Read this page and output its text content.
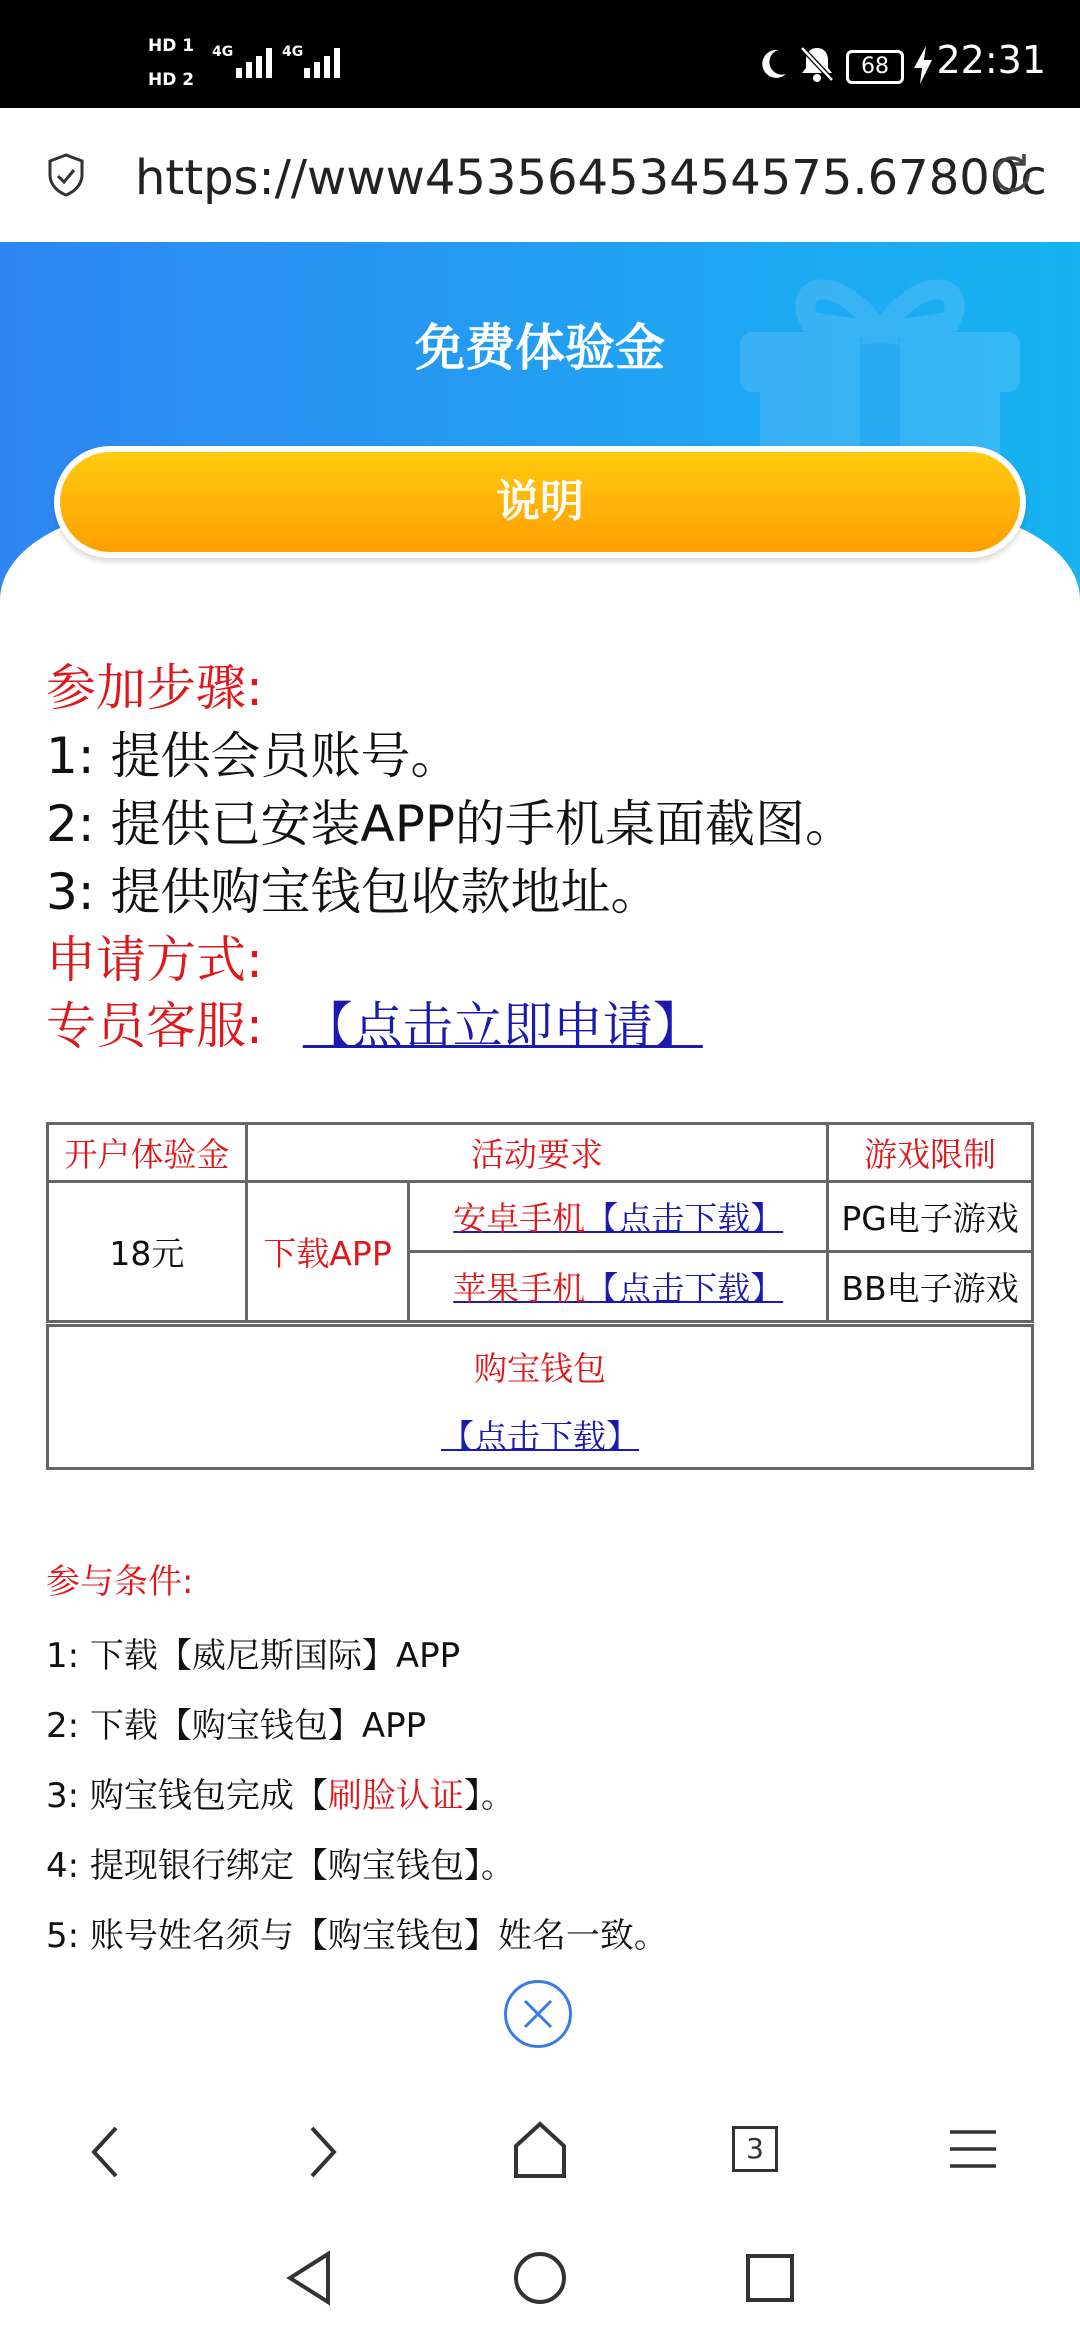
HD 1
HD 2
4G	4G
68	22:31
https://www45356453454575.67800c
免费体验金
说明
参加步骤:
1: 提供会员账号。
2: 提供已安装APP的手机桌面截图。
3: 提供购宝钱包收款地址。
申请方式:
专员客服: 【点击立即申请】
开户体验金	活动要求		游戏限制
18元	下载APP	安卓手机【点击下载】	PG电子游戏
		苹果手机【点击下载】	BB电子游戏
购宝钱包
【点击下载】
参与条件:
1: 下载【威尼斯国际】APP
2: 下载【购宝钱包】APP
3: 购宝钱包完成【刷脸认证】。
4: 提现银行绑定【购宝钱包】。
5: 账号姓名须与【购宝钱包】姓名一致。
3
